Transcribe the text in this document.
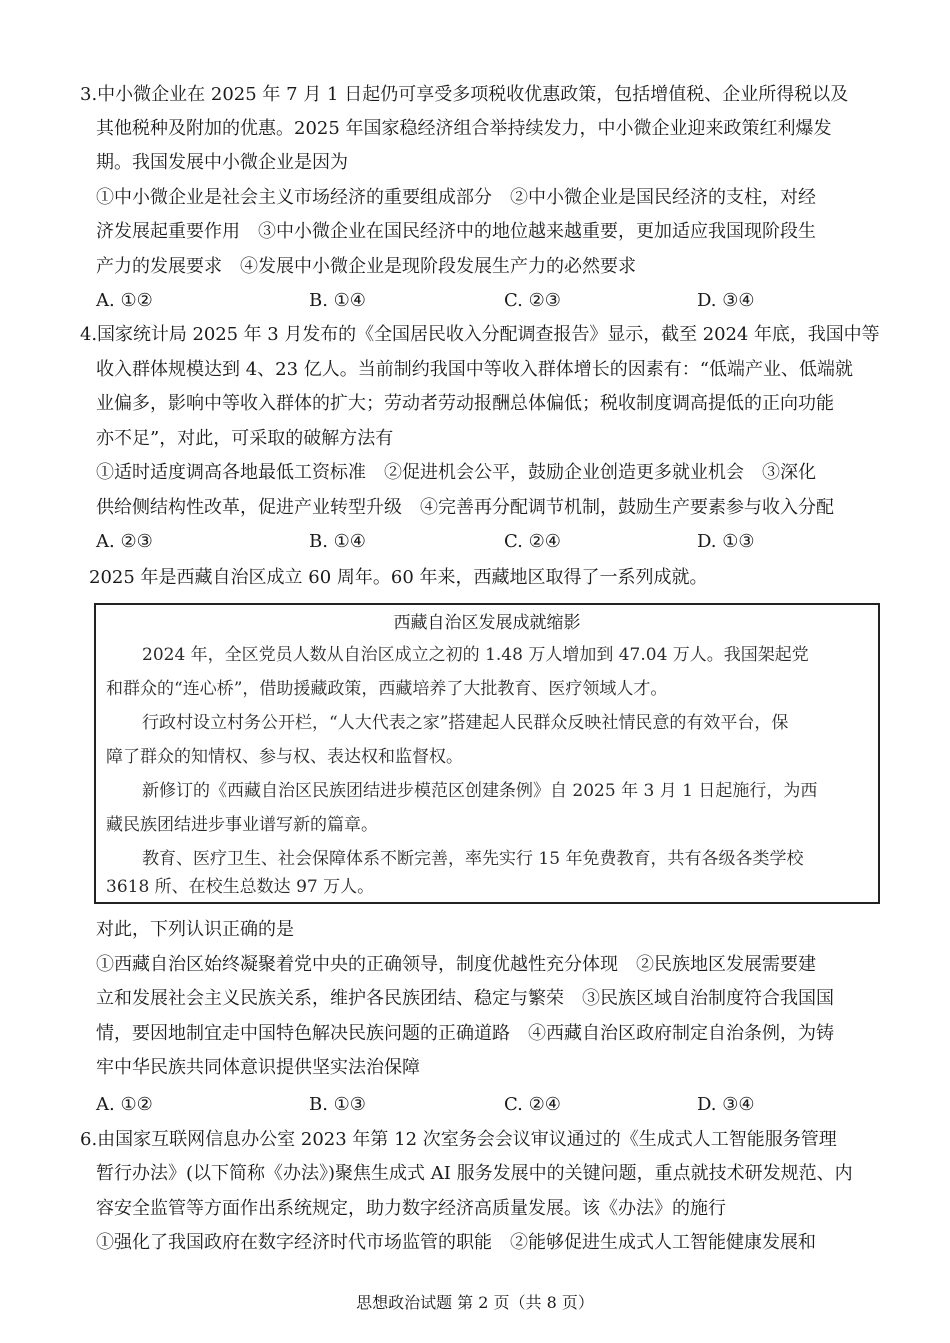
3.中小微企业在 2025 年 7 月 1 日起仍可享受多项税收优惠政策，包括增值税、企业所得税以及
其他税种及附加的优惠。2025 年国家稳经济组合举持续发力，中小微企业迎来政策红利爆发
期。我国发展中小微企业是因为
①中小微企业是社会主义市场经济的重要组成部分　②中小微企业是国民经济的支柱，对经
济发展起重要作用　③中小微企业在国民经济中的地位越来越重要，更加适应我国现阶段生
产力的发展要求　④发展中小微企业是现阶段发展生产力的必然要求
A. ①②	B. ①④	C. ②③	D. ③④
4.国家统计局 2025 年 3 月发布的《全国居民收入分配调查报告》显示，截至 2024 年底，我国中等
收入群体规模达到 4、23 亿人。当前制约我国中等收入群体增长的因素有：“低端产业、低端就
业偏多，影响中等收入群体的扩大；劳动者劳动报酬总体偏低；税收制度调高提低的正向功能
亦不足”，对此，可采取的破解方法有
①适时适度调高各地最低工资标准　②促进机会公平，鼓励企业创造更多就业机会　③深化
供给侧结构性改革，促进产业转型升级　④完善再分配调节机制，鼓励生产要素参与收入分配
A. ②③	B. ①④	C. ②④	D. ①③
2025 年是西藏自治区成立 60 周年。60 年来，西藏地区取得了一系列成就。
西藏自治区发展成就缩影
2024 年，全区党员人数从自治区成立之初的 1.48 万人增加到 47.04 万人。我国架起党
和群众的“连心桥”，借助援藏政策，西藏培养了大批教育、医疗领域人才。
行政村设立村务公开栏，“人大代表之家”搭建起人民群众反映社情民意的有效平台，保
障了群众的知情权、参与权、表达权和监督权。
新修订的《西藏自治区民族团结进步模范区创建条例》自 2025 年 3 月 1 日起施行，为西
藏民族团结进步事业谱写新的篇章。
教育、医疗卫生、社会保障体系不断完善，率先实行 15 年免费教育，共有各级各类学校
3618 所、在校生总数达 97 万人。
对此，下列认识正确的是
①西藏自治区始终凝聚着党中央的正确领导，制度优越性充分体现　②民族地区发展需要建
立和发展社会主义民族关系，维护各民族团结、稳定与繁荣　③民族区域自治制度符合我国国
情，要因地制宜走中国特色解决民族问题的正确道路　④西藏自治区政府制定自治条例，为铸
牢中华民族共同体意识提供坚实法治保障
A. ①②	B. ①③	C. ②④	D. ③④
6.由国家互联网信息办公室 2023 年第 12 次室务会会议审议通过的《生成式人工智能服务管理
暂行办法》(以下简称《办法》)聚焦生成式 AI 服务发展中的关键问题，重点就技术研发规范、内
容安全监管等方面作出系统规定，助力数字经济高质量发展。该《办法》的施行
①强化了我国政府在数字经济时代市场监管的职能　②能够促进生成式人工智能健康发展和
思想政治试题 第 2 页（共 8 页）
